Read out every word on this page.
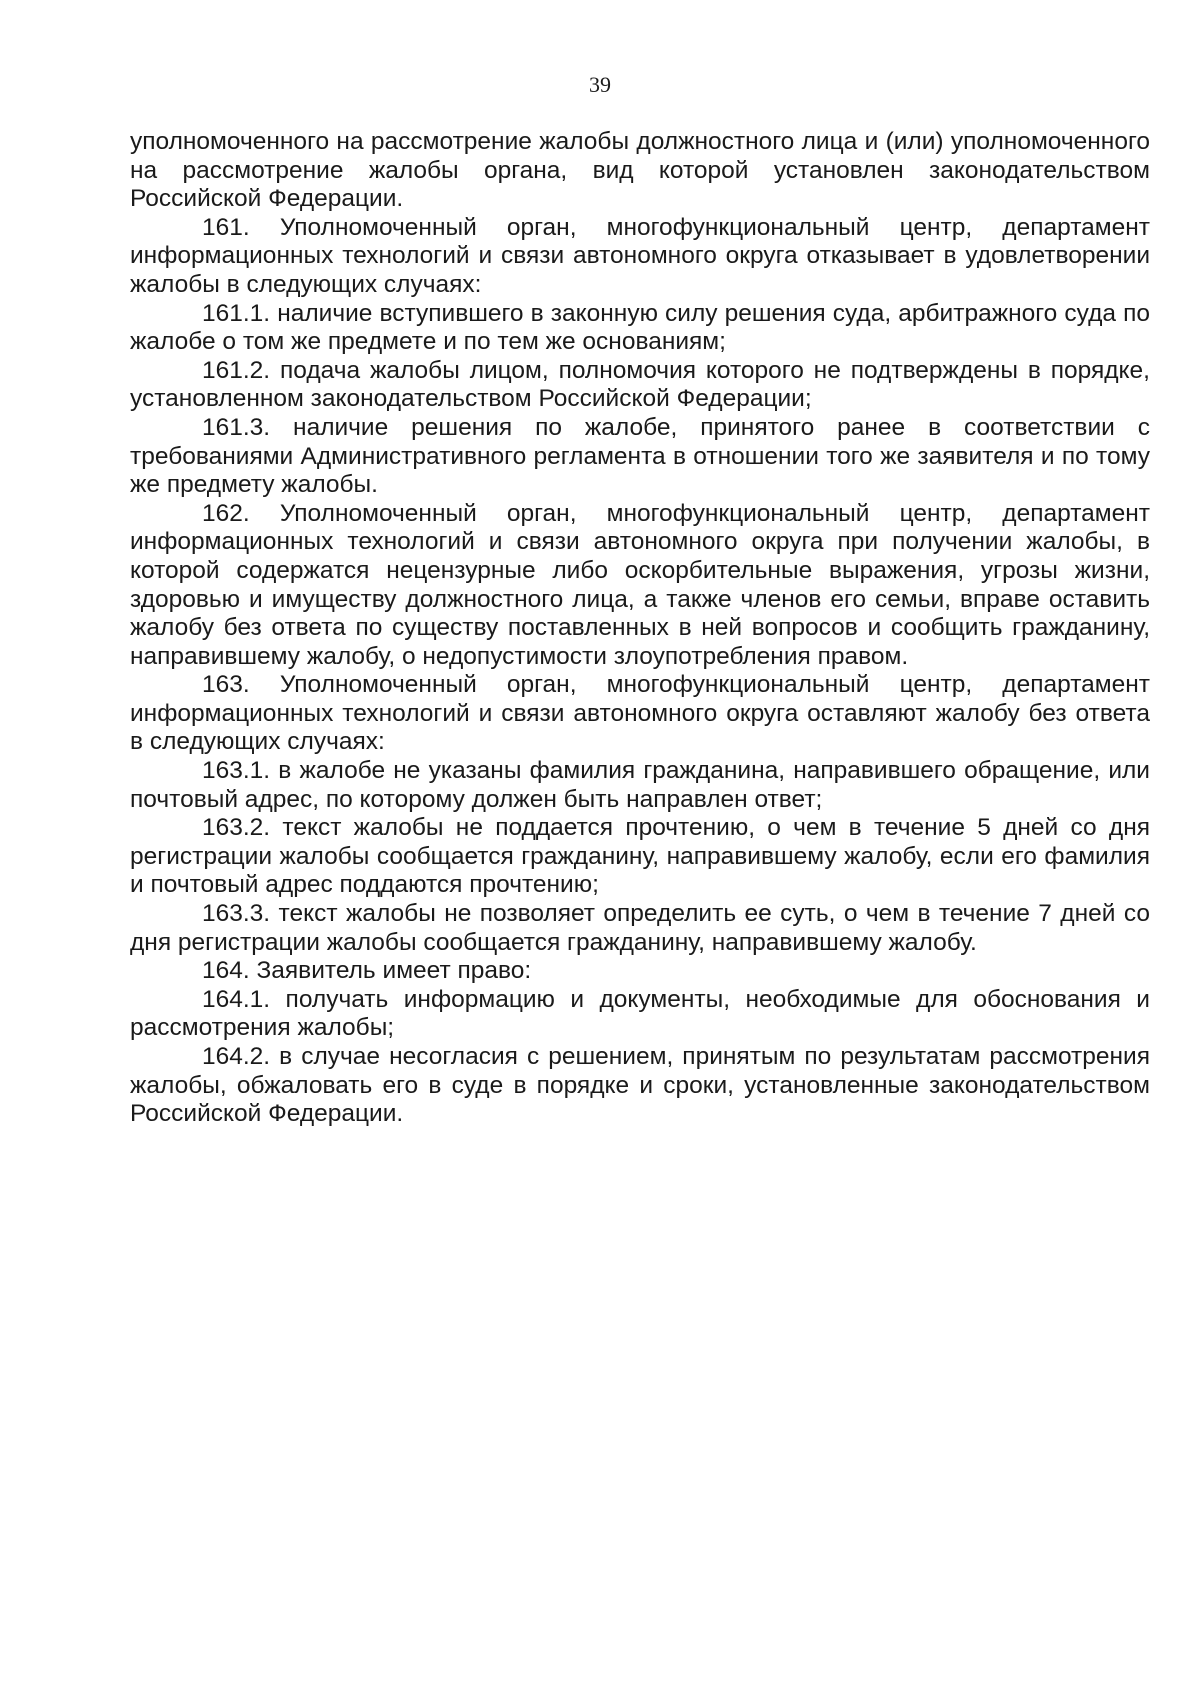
39

уполномоченного на рассмотрение жалобы должностного лица и (или) уполномоченного на рассмотрение жалобы органа, вид которой установлен законодательством Российской Федерации.

161. Уполномоченный орган, многофункциональный центр, департамент информационных технологий и связи автономного округа отказывает в удовлетворении жалобы в следующих случаях:

161.1. наличие вступившего в законную силу решения суда, арбитражного суда по жалобе о том же предмете и по тем же основаниям;

161.2. подача жалобы лицом, полномочия которого не подтверждены в порядке, установленном законодательством Российской Федерации;

161.3. наличие решения по жалобе, принятого ранее в соответствии с требованиями Административного регламента в отношении того же заявителя и по тому же предмету жалобы.

162. Уполномоченный орган, многофункциональный центр, департамент информационных технологий и связи автономного округа при получении жалобы, в которой содержатся нецензурные либо оскорбительные выражения, угрозы жизни, здоровью и имуществу должностного лица, а также членов его семьи, вправе оставить жалобу без ответа по существу поставленных в ней вопросов и сообщить гражданину, направившему жалобу, о недопустимости злоупотребления правом.

163. Уполномоченный орган, многофункциональный центр, департамент информационных технологий и связи автономного округа оставляют жалобу без ответа в следующих случаях:

163.1. в жалобе не указаны фамилия гражданина, направившего обращение, или почтовый адрес, по которому должен быть направлен ответ;

163.2. текст жалобы не поддается прочтению, о чем в течение 5 дней со дня регистрации жалобы сообщается гражданину, направившему жалобу, если его фамилия и почтовый адрес поддаются прочтению;

163.3. текст жалобы не позволяет определить ее суть, о чем в течение 7 дней со дня регистрации жалобы сообщается гражданину, направившему жалобу.

164. Заявитель имеет право:

164.1. получать информацию и документы, необходимые для обоснования и рассмотрения жалобы;

164.2. в случае несогласия с решением, принятым по результатам рассмотрения жалобы, обжаловать его в суде в порядке и сроки, установленные законодательством Российской Федерации.
